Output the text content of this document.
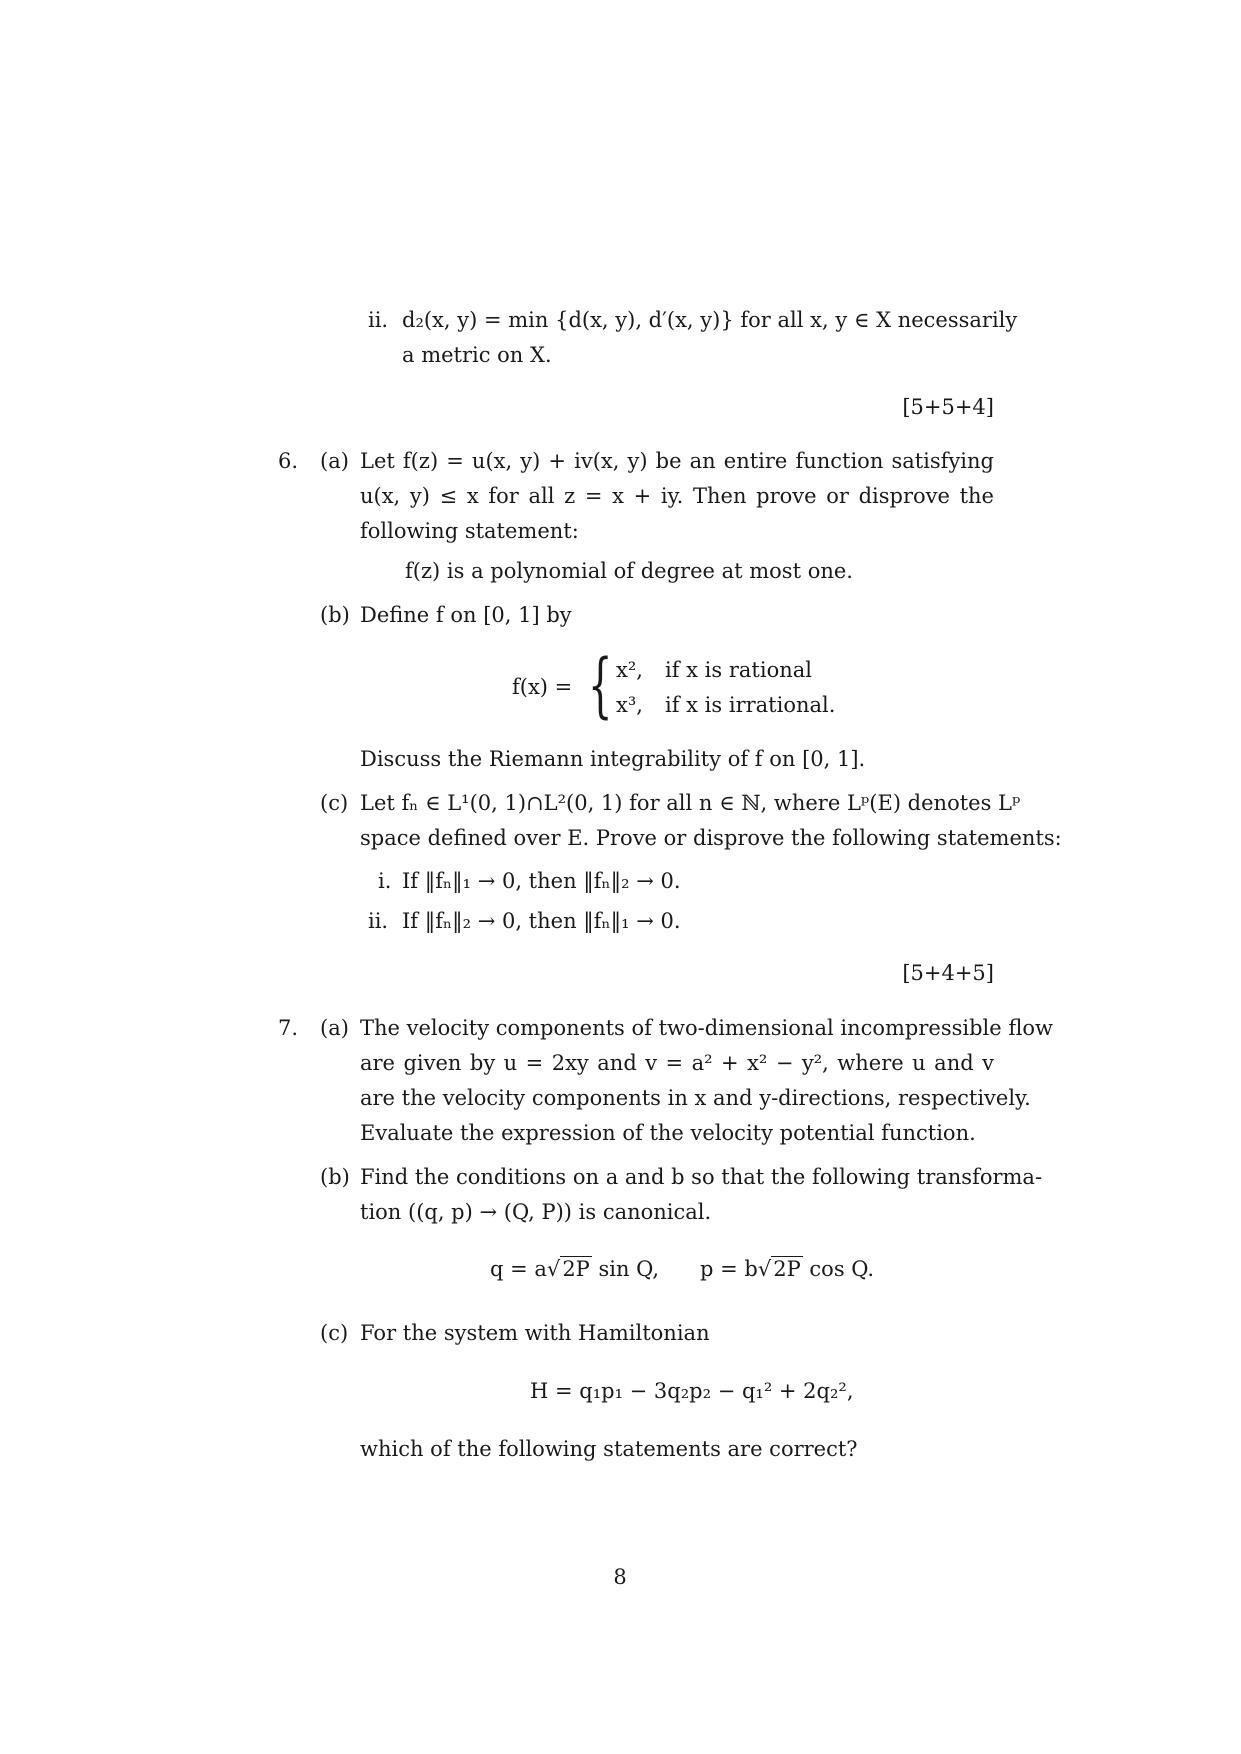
ii. d₂(x, y) = min {d(x, y), d′(x, y)} for all x, y ∈ X necessarily
a metric on X.
[5+5+4]
6. (a) Let f(z) = u(x, y) + iv(x, y) be an entire function satisfying
u(x, y) ≤ x for all z = x + iy. Then prove or disprove the
following statement:
f(z) is a polynomial of degree at most one.
(b) Define f on [0, 1] by
f(x) = { x², if x is rational
x³, if x is irrational.
Discuss the Riemann integrability of f on [0, 1].
(c) Let fₙ ∈ L¹(0, 1)∩L²(0, 1) for all n ∈ ℕ, where Lᵖ(E) denotes Lᵖ
space defined over E. Prove or disprove the following statements:
i. If ‖fₙ‖₁ → 0, then ‖fₙ‖₂ → 0.
ii. If ‖fₙ‖₂ → 0, then ‖fₙ‖₁ → 0.
[5+4+5]
7. (a) The velocity components of two-dimensional incompressible flow
are given by u = 2xy and v = a² + x² − y², where u and v
are the velocity components in x and y-directions, respectively.
Evaluate the expression of the velocity potential function.
(b) Find the conditions on a and b so that the following transforma-
tion ((q, p) → (Q, P)) is canonical.
q = a√2P sin Q, p = b√2P cos Q.
(c) For the system with Hamiltonian
H = q₁p₁ − 3q₂p₂ − q₁² + 2q₂²,
which of the following statements are correct?
8
